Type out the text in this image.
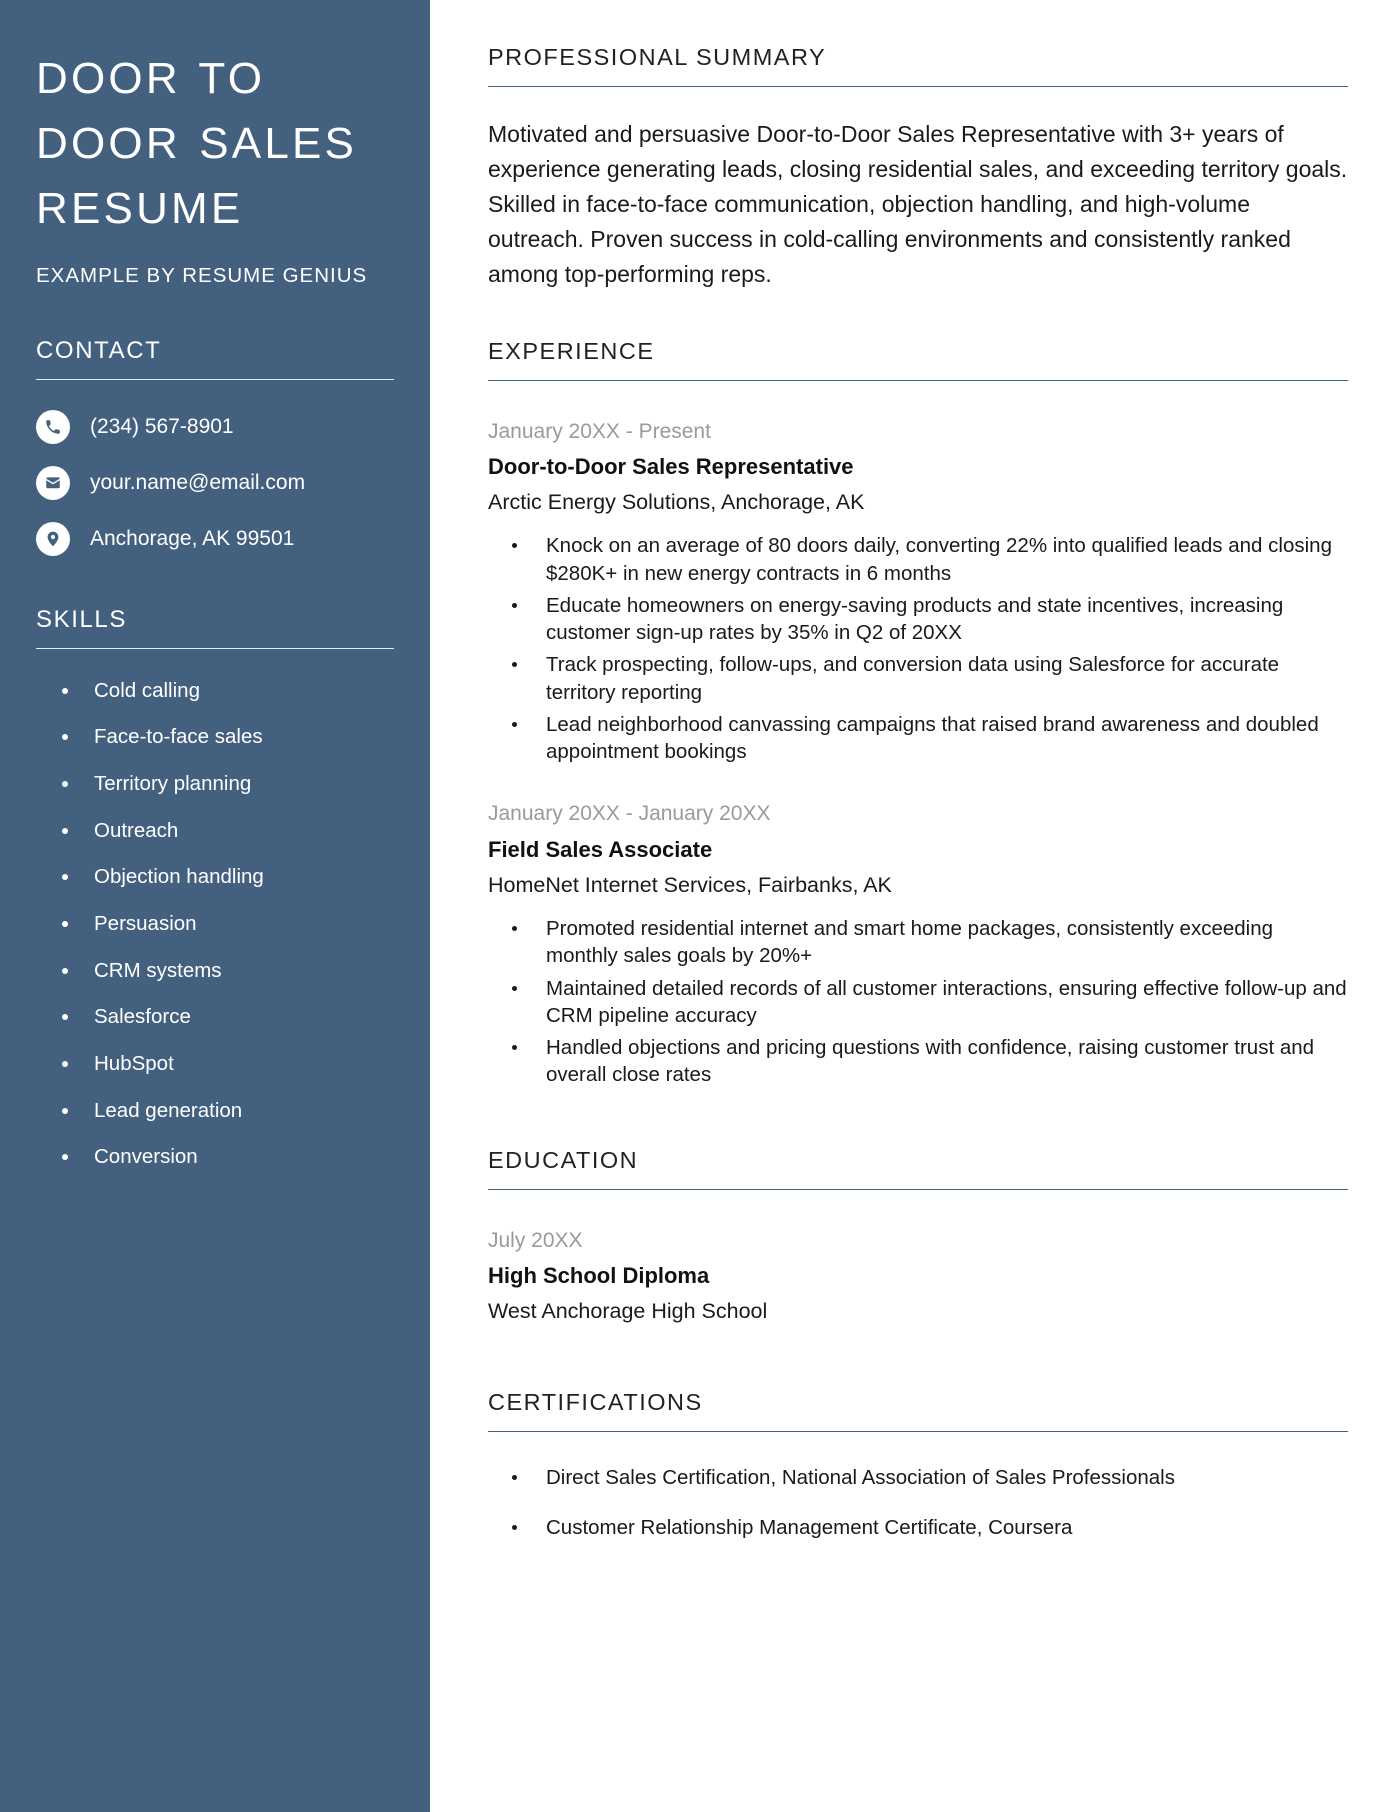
DOOR TO DOOR SALES RESUME
EXAMPLE BY RESUME GENIUS
CONTACT
(234) 567-8901
your.name@email.com
Anchorage, AK 99501
SKILLS
Cold calling
Face-to-face sales
Territory planning
Outreach
Objection handling
Persuasion
CRM systems
Salesforce
HubSpot
Lead generation
Conversion
PROFESSIONAL SUMMARY

Motivated and persuasive Door-to-Door Sales Representative with 3+ years of experience generating leads, closing residential sales, and exceeding territory goals. Skilled in face-to-face communication, objection handling, and high-volume outreach. Proven success in cold-calling environments and consistently ranked among top-performing reps.

EXPERIENCE
January 20XX - Present
Door-to-Door Sales Representative
Arctic Energy Solutions, Anchorage, AK
Knock on an average of 80 doors daily, converting 22% into qualified leads and closing $280K+ in new energy contracts in 6 months
Educate homeowners on energy-saving products and state incentives, increasing customer sign-up rates by 35% in Q2 of 20XX
Track prospecting, follow-ups, and conversion data using Salesforce for accurate territory reporting
Lead neighborhood canvassing campaigns that raised brand awareness and doubled appointment bookings
January 20XX - January 20XX
Field Sales Associate
HomeNet Internet Services, Fairbanks, AK
Promoted residential internet and smart home packages, consistently exceeding monthly sales goals by 20%+
Maintained detailed records of all customer interactions, ensuring effective follow-up and CRM pipeline accuracy
Handled objections and pricing questions with confidence, raising customer trust and overall close rates
EDUCATION
July 20XX
High School Diploma
West Anchorage High School
CERTIFICATIONS
Direct Sales Certification, National Association of Sales Professionals
Customer Relationship Management Certificate, Coursera
